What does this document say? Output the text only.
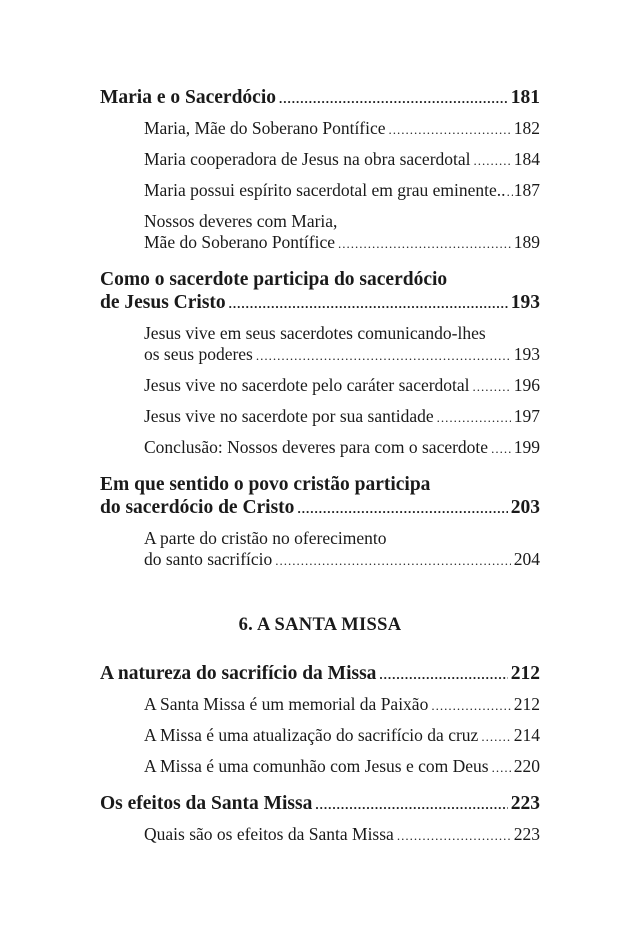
Maria e o Sacerdócio .....	181
Maria, Mãe do Soberano Pontífice .....	182
Maria cooperadora de Jesus na obra sacerdotal ..... 184
Maria possui espírito sacerdotal em grau eminente.. ..... 187
Nossos deveres com Maria,
Mãe do Soberano Pontífice .....	189
Como o sacerdote participa do sacerdócio
de Jesus Cristo .....	193
Jesus vive em seus sacerdotes comunicando-lhes
os seus poderes .....	193
Jesus vive no sacerdote pelo caráter sacerdotal .....	196
Jesus vive no sacerdote por sua santidade .....	197
Conclusão: Nossos deveres para com o sacerdote ..... 199
Em que sentido o povo cristão participa
do sacerdócio de Cristo .....	203
A parte do cristão no oferecimento
do santo sacrifício .....	204
6. A SANTA MISSA
A natureza do sacrifício da Missa .....	212
A Santa Missa é um memorial da Paixão .....	212
A Missa é uma atualização do sacrifício da cruz ..... 214
A Missa é uma comunhão com Jesus e com Deus ..... 220
Os efeitos da Santa Missa .....	223
Quais são os efeitos da Santa Missa .....	223
